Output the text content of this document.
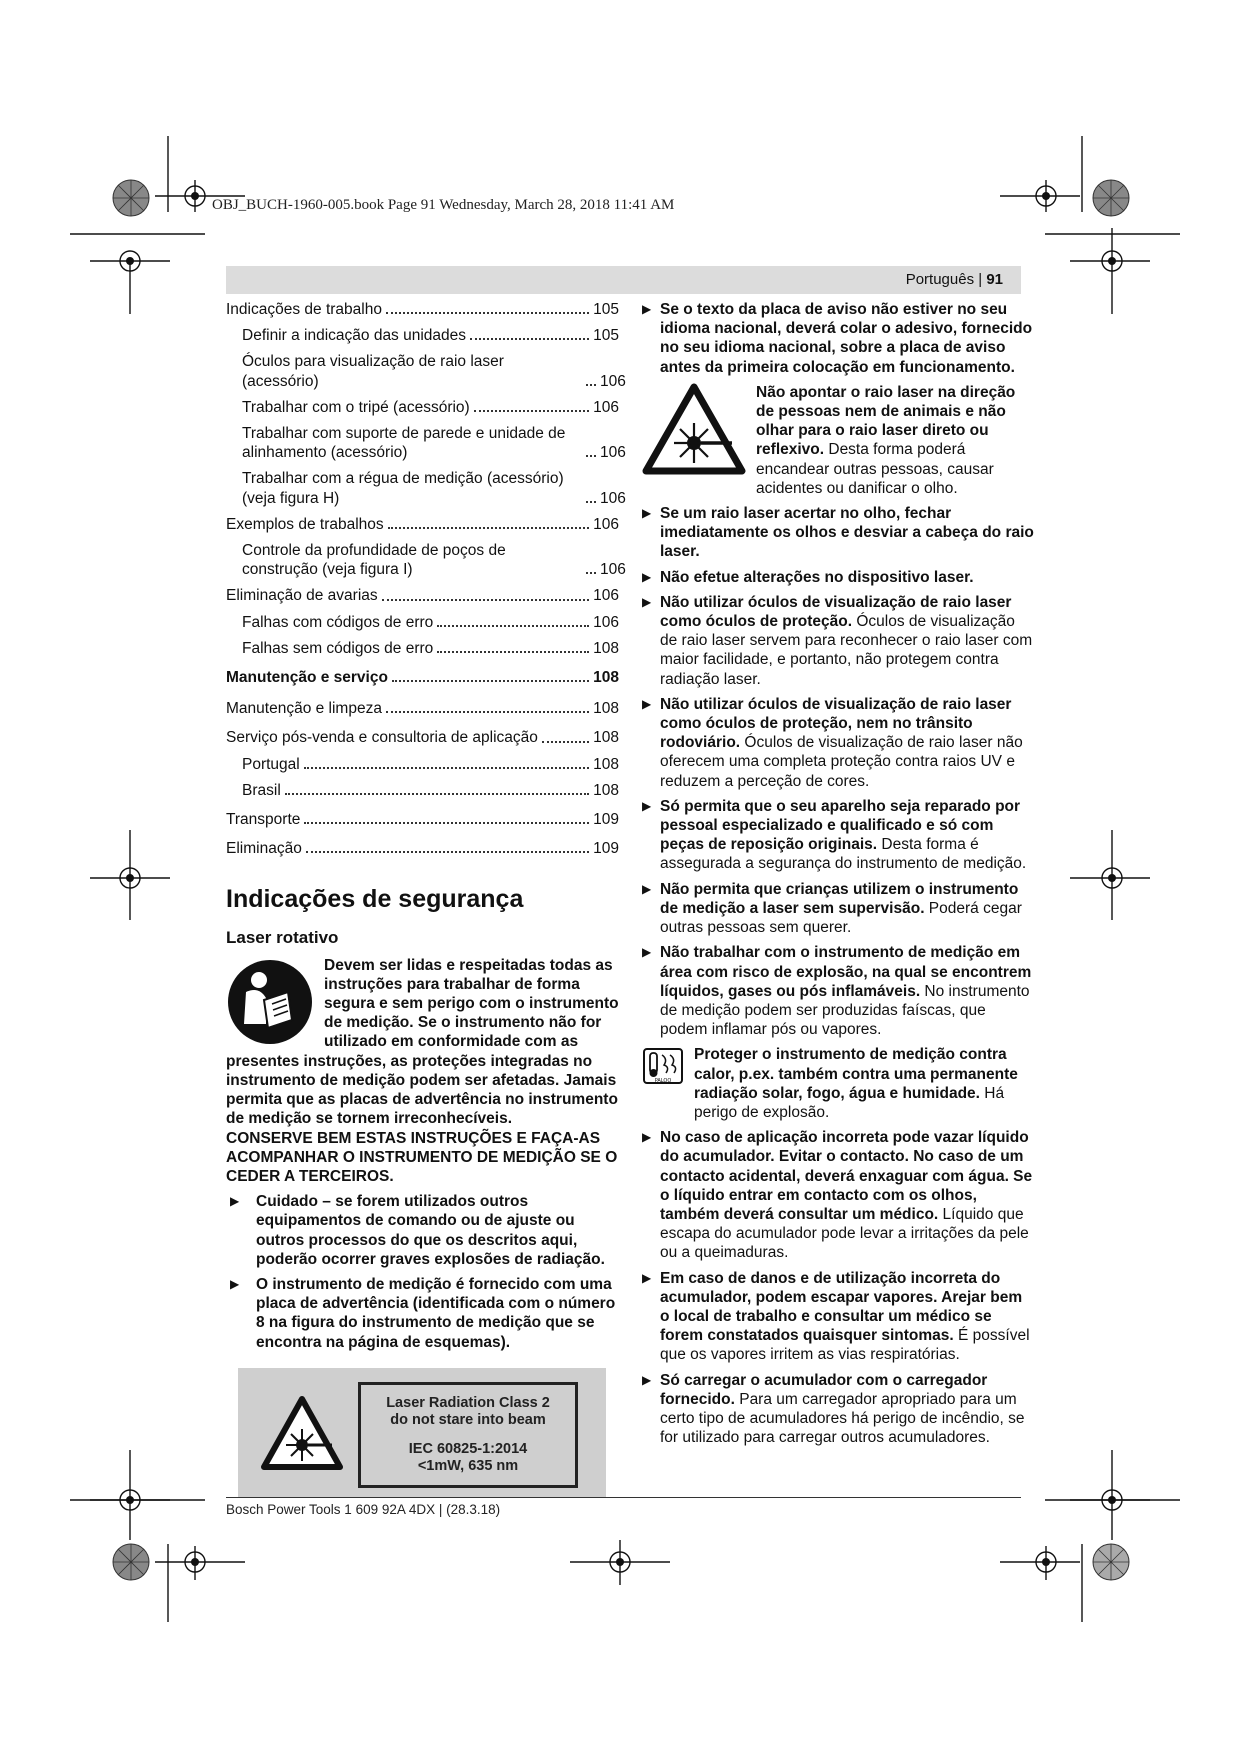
OBJ_BUCH-1960-005.book Page 91 Wednesday, March 28, 2018 11:41 AM
Português | 91
Indicações de trabalho	105
Definir a indicação das unidades	105
Óculos para visualização de raio laser (acessório)	106
Trabalhar com o tripé (acessório)	106
Trabalhar com suporte de parede e unidade de alinhamento (acessório)	106
Trabalhar com a régua de medição (acessório) (veja figura H)	106
Exemplos de trabalhos	106
Controle da profundidade de poços de construção (veja figura I)	106
Eliminação de avarias	106
Falhas com códigos de erro	106
Falhas sem códigos de erro	108
Manutenção e serviço	108
Manutenção e limpeza	108
Serviço pós-venda e consultoria de aplicação	108
Portugal	108
Brasil	108
Transporte	109
Eliminação	109
Indicações de segurança
Laser rotativo
Devem ser lidas e respeitadas todas as instruções para trabalhar de forma segura e sem perigo com o instrumento de medição. Se o instrumento não for utilizado em conformidade com as presentes instruções, as proteções integradas no instrumento de medição podem ser afetadas. Jamais permita que as placas de advertência no instrumento de medição se tornem irreconhecíveis.
CONSERVE BEM ESTAS INSTRUÇÕES E FAÇA-AS ACOMPANHAR O INSTRUMENTO DE MEDIÇÃO SE O CEDER A TERCEIROS.
▶ Cuidado – se forem utilizados outros equipamentos de comando ou de ajuste ou outros processos do que os descritos aqui, poderão ocorrer graves explosões de radiação.
▶ O instrumento de medição é fornecido com uma placa de advertência (identificada com o número 8 na figura do instrumento de medição que se encontra na página de esquemas).
Laser Radiation Class 2
do not stare into beam
IEC 60825-1:2014
<1mW, 635 nm
▶ Se o texto da placa de aviso não estiver no seu idioma nacional, deverá colar o adesivo, fornecido no seu idioma nacional, sobre a placa de aviso antes da primeira colocação em funcionamento.
Não apontar o raio laser na direção de pessoas nem de animais e não olhar para o raio laser direto ou reflexivo. Desta forma poderá encandear outras pessoas, causar acidentes ou danificar o olho.
▶ Se um raio laser acertar no olho, fechar imediatamente os olhos e desviar a cabeça do raio laser.
▶ Não efetue alterações no dispositivo laser.
▶ Não utilizar óculos de visualização de raio laser como óculos de proteção. Óculos de visualização de raio laser servem para reconhecer o raio laser com maior facilidade, e portanto, não protegem contra radiação laser.
▶ Não utilizar óculos de visualização de raio laser como óculos de proteção, nem no trânsito rodoviário. Óculos de visualização de raio laser não oferecem uma completa proteção contra raios UV e reduzem a perceção de cores.
▶ Só permita que o seu aparelho seja reparado por pessoal especializado e qualificado e só com peças de reposição originais. Desta forma é assegurada a segurança do instrumento de medição.
▶ Não permita que crianças utilizem o instrumento de medição a laser sem supervisão. Poderá cegar outras pessoas sem querer.
▶ Não trabalhar com o instrumento de medição em área com risco de explosão, na qual se encontrem líquidos, gases ou pós inflamáveis. No instrumento de medição podem ser produzidas faíscas, que podem inflamar pós ou vapores.
PALOO
Proteger o instrumento de medição contra calor, p.ex. também contra uma permanente radiação solar, fogo, água e humidade. Há perigo de explosão.
▶ No caso de aplicação incorreta pode vazar líquido do acumulador. Evitar o contacto. No caso de um contacto acidental, deverá enxaguar com água. Se o líquido entrar em contacto com os olhos, também deverá consultar um médico. Líquido que escapa do acumulador pode levar a irritações da pele ou a queimaduras.
▶ Em caso de danos e de utilização incorreta do acumulador, podem escapar vapores. Arejar bem o local de trabalho e consultar um médico se forem constatados quaisquer sintomas. É possível que os vapores irritem as vias respiratórias.
▶ Só carregar o acumulador com o carregador fornecido. Para um carregador apropriado para um certo tipo de acumuladores há perigo de incêndio, se for utilizado para carregar outros acumuladores.
Bosch Power Tools 1 609 92A 4DX | (28.3.18)
